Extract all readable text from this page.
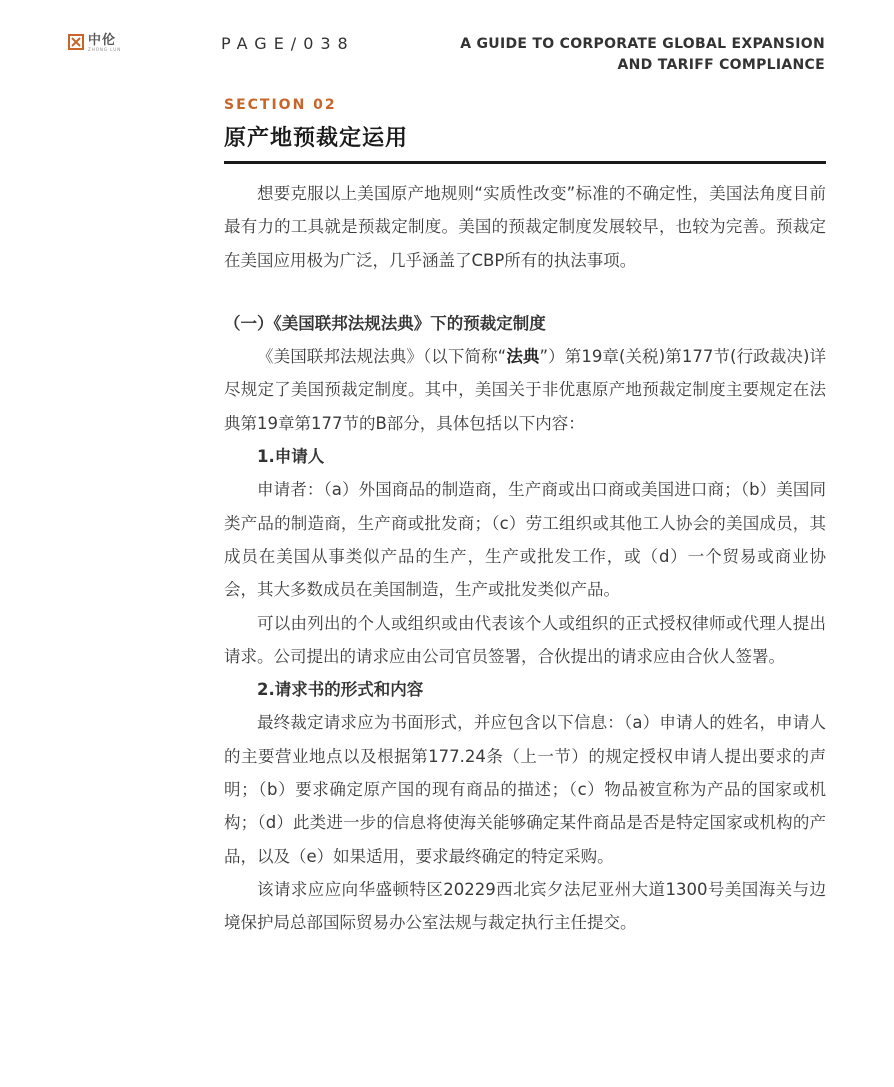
中伦
ZHONG LUN	PAGE/038	A GUIDE TO CORPORATE GLOBAL EXPANSION
AND TARIFF COMPLIANCE
SECTION 02
原产地预裁定运用

想要克服以上美国原产地规则“实质性改变”标准的不确定性，美国法角度目前最有力的工具就是预裁定制度。美国的预裁定制度发展较早，也较为完善。预裁定在美国应用极为广泛，几乎涵盖了CBP所有的执法事项。

（一）《美国联邦法规法典》下的预裁定制度

《美国联邦法规法典》（以下简称“法典”）第19章(关税)第177节(行政裁决)详尽规定了美国预裁定制度。其中，美国关于非优惠原产地预裁定制度主要规定在法典第19章第177节的B部分，具体包括以下内容：

1.申请人

申请者：（a）外国商品的制造商，生产商或出口商或美国进口商；（b）美国同类产品的制造商，生产商或批发商；（c）劳工组织或其他工人协会的美国成员，其成员在美国从事类似产品的生产，生产或批发工作，或（d）一个贸易或商业协会，其大多数成员在美国制造，生产或批发类似产品。

可以由列出的个人或组织或由代表该个人或组织的正式授权律师或代理人提出请求。公司提出的请求应由公司官员签署，合伙提出的请求应由合伙人签署。

2.请求书的形式和内容

最终裁定请求应为书面形式，并应包含以下信息：（a）申请人的姓名，申请人的主要营业地点以及根据第177.24条（上一节）的规定授权申请人提出要求的声明；（b）要求确定原产国的现有商品的描述；（c）物品被宣称为产品的国家或机构；（d）此类进一步的信息将使海关能够确定某件商品是否是特定国家或机构的产品，以及（e）如果适用，要求最终确定的特定采购。

该请求应应向华盛顿特区20229西北宾夕法尼亚州大道1300号美国海关与边境保护局总部国际贸易办公室法规与裁定执行主任提交。
